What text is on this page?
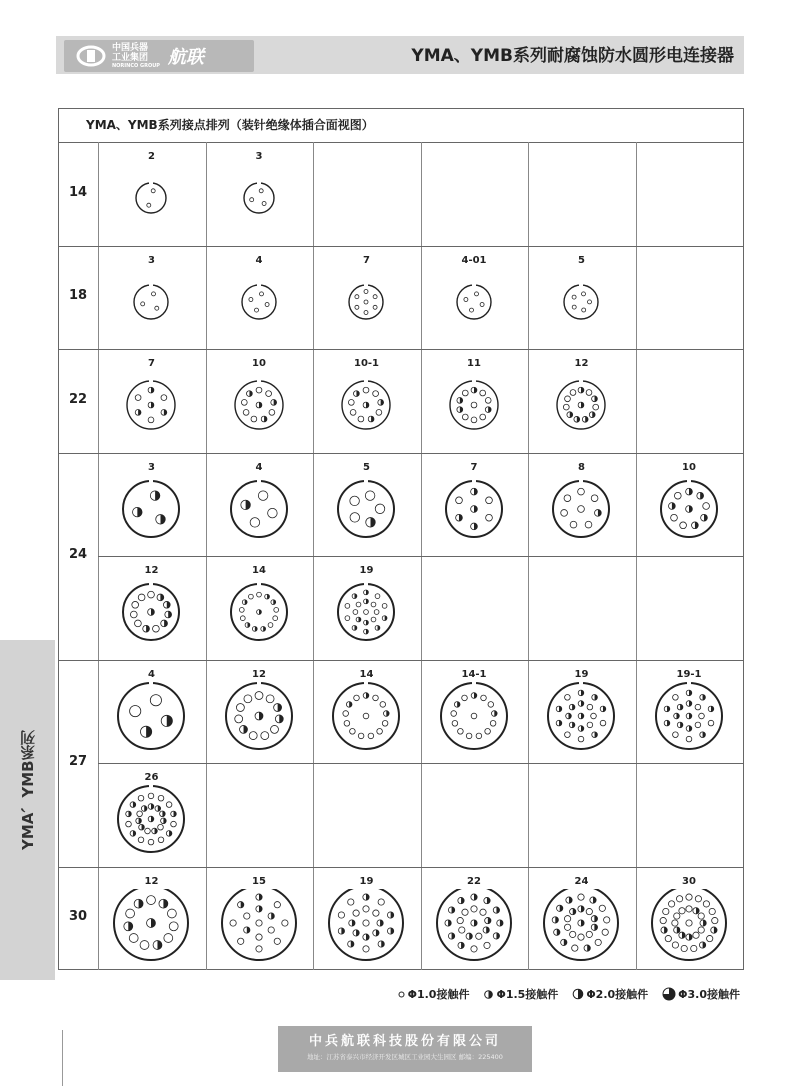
中国兵器
工业集团
NORINCO GROUP 航联	YMA、YMB系列耐腐蚀防水圆形电连接器
YMA、YMB系列
YMA、YMB系列接点排列（装针绝缘体插合面视图）
14
2	3
18
3	4	7	4-01	5
22
7	10	10-1	11	12
24
3	4	5	7	8	10
12	14	19
27
4	12	14	14-1	19	19-1
26
30
12	15	19	22	24	30
Φ1.0接触件 Φ1.5接触件	Φ2.0接触件	Φ3.0接触件
中兵航联科技股份有限公司
地址：江苏省泰兴市经济开发区城区工业园大生园区 邮编：225400
